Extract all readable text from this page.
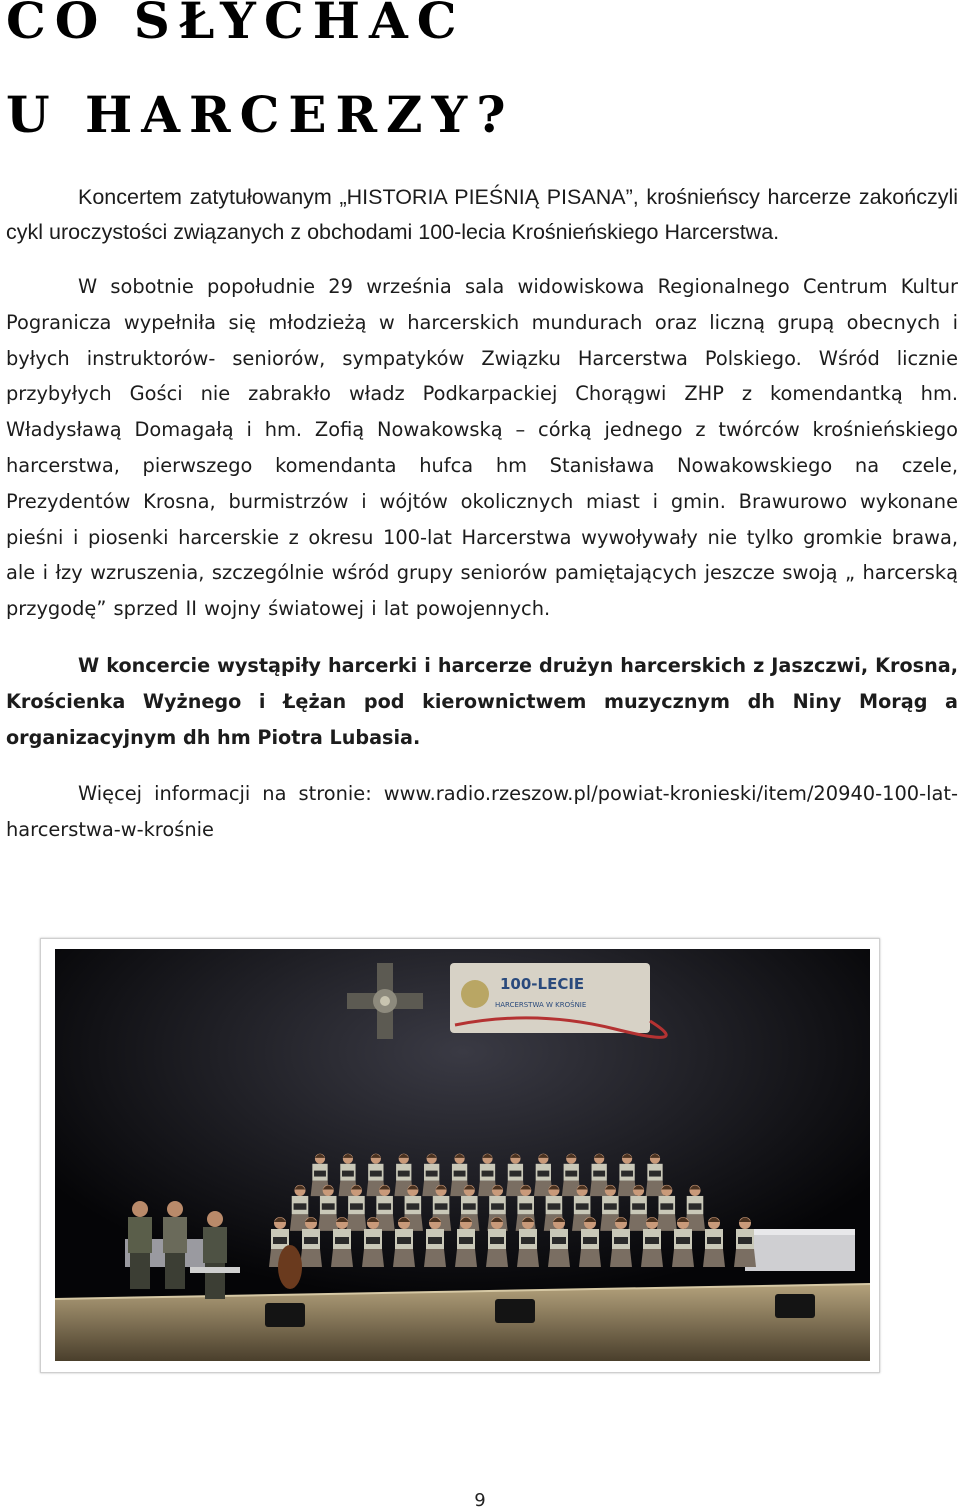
CO SŁYCHAC
U HARCERZY?

Koncertem zatytułowanym „HISTORIA PIEŚNIĄ PISANA”, krośnieńscy harcerze zakończyli cykl uroczystości związanych z obchodami 100-lecia Krośnieńskiego Harcerstwa.

W sobotnie popołudnie 29 września sala widowiskowa Regionalnego Centrum Kultur Pogranicza wypełniła się młodzieżą w harcerskich mundurach oraz liczną grupą obecnych i byłych instruktorów- seniorów, sympatyków Związku Harcerstwa Polskiego. Wśród licznie przybyłych Gości nie zabrakło władz Podkarpackiej Chorągwi ZHP z komendantką hm. Władysławą Domagałą i hm. Zofią Nowakowską – córką jednego z twórców krośnieńskiego harcerstwa, pierwszego komendanta hufca hm Stanisława Nowakowskiego na czele, Prezydentów Krosna, burmistrzów i wójtów okolicznych miast i gmin. Brawurowo wykonane pieśni i piosenki harcerskie z okresu 100-lat Harcerstwa wywoływały nie tylko gromkie brawa, ale i łzy wzruszenia, szczególnie wśród grupy seniorów pamiętających jeszcze swoją „ harcerską przygodę” sprzed II wojny światowej i lat powojennych.

W koncercie wystąpiły harcerki i harcerze drużyn harcerskich z Jaszczwi, Krosna, Krościenka Wyżnego i Łężan pod kierownictwem muzycznym dh Niny Morąg a organizacyjnym dh hm Piotra Lubasia.

Więcej informacji na stronie: www.radio.rzeszow.pl/powiat-kronieski/item/20940-100-lat-harcerstwa-w-krośnie

100-LECIE
HARCERSTWA W KROŚNIE
9
